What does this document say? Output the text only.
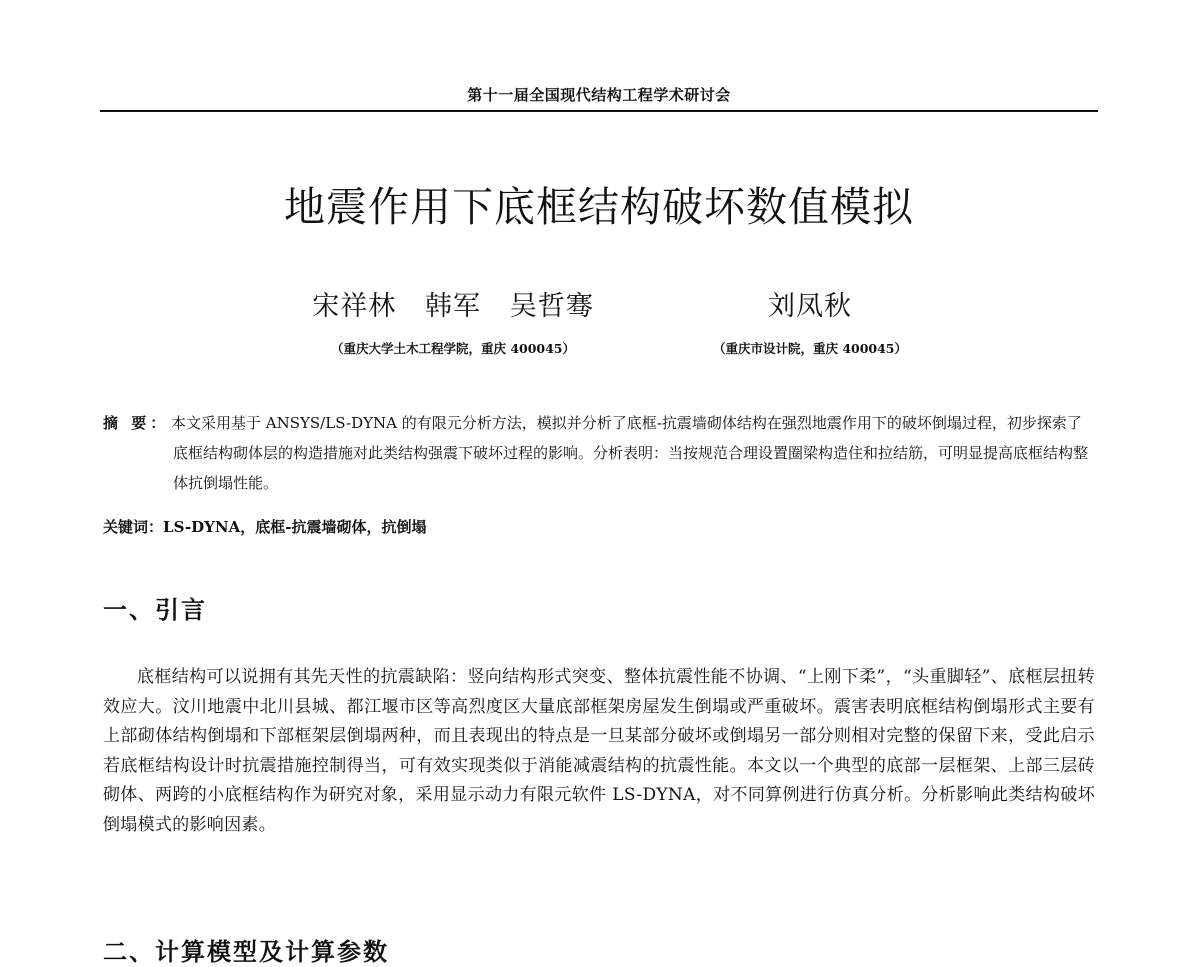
第十一届全国现代结构工程学术研讨会
地震作用下底框结构破坏数值模拟
宋祥林   韩军   吴哲骞
（重庆大学土木工程学院，重庆 400045）
刘凤秋
（重庆市设计院，重庆 400045）
摘 要： 本文采用基于 ANSYS/LS-DYNA 的有限元分析方法，模拟并分析了底框-抗震墙砌体结构在强烈地震作用下的破坏倒塌过程，初步探索了底框结构砌体层的构造措施对此类结构强震下破坏过程的影响。分析表明：当按规范合理设置圈梁构造住和拉结筋，可明显提高底框结构整体抗倒塌性能。
关键词：LS-DYNA，底框-抗震墙砌体，抗倒塌
一、引言

底框结构可以说拥有其先天性的抗震缺陷：竖向结构形式突变、整体抗震性能不协调、“上刚下柔”，“头重脚轻”、底框层扭转效应大。汶川地震中北川县城、都江堰市区等高烈度区大量底部框架房屋发生倒塌或严重破坏。震害表明底框结构倒塌形式主要有上部砌体结构倒塌和下部框架层倒塌两种，而且表现出的特点是一旦某部分破坏或倒塌另一部分则相对完整的保留下来，受此启示若底框结构设计时抗震措施控制得当，可有效实现类似于消能减震结构的抗震性能。本文以一个典型的底部一层框架、上部三层砖砌体、两跨的小底框结构作为研究对象，采用显示动力有限元软件 LS-DYNA，对不同算例进行仿真分析。分析影响此类结构破坏倒塌模式的影响因素。

二、计算模型及计算参数
